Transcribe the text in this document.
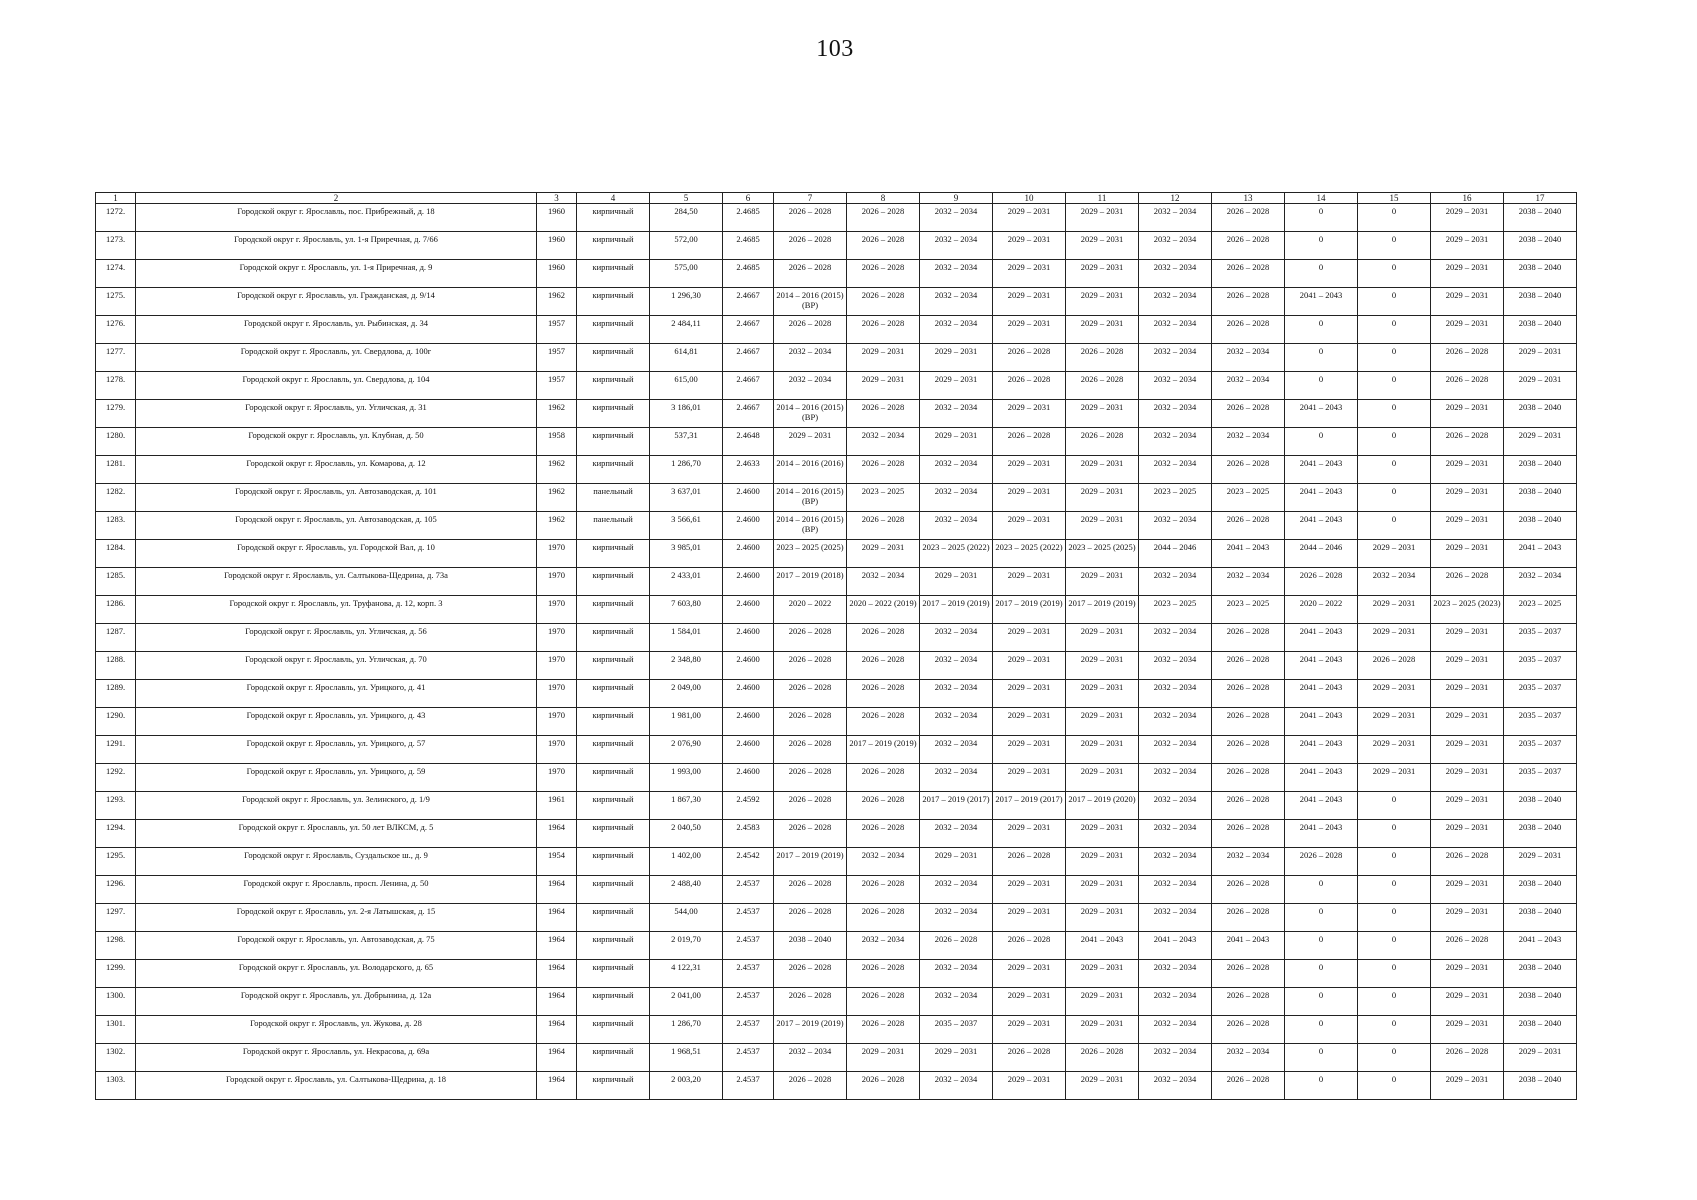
103
1	2	3	4	5	6	7	8	9	10	11	12	13	14	15	16	17
1272.	Городской округ г. Ярославль, пос. Прибрежный, д. 18	1960	кирпичный	284,50	2.4685	2026 – 2028	2026 – 2028	2032 – 2034	2029 – 2031	2029 – 2031	2032 – 2034	2026 – 2028	0	0	2029 – 2031	2038 – 2040
1273.	Городской округ г. Ярославль, ул. 1-я Приречная, д. 7/66	1960	кирпичный	572,00	2.4685	2026 – 2028	2026 – 2028	2032 – 2034	2029 – 2031	2029 – 2031	2032 – 2034	2026 – 2028	0	0	2029 – 2031	2038 – 2040
1274.	Городской округ г. Ярославль, ул. 1-я Приречная, д. 9	1960	кирпичный	575,00	2.4685	2026 – 2028	2026 – 2028	2032 – 2034	2029 – 2031	2029 – 2031	2032 – 2034	2026 – 2028	0	0	2029 – 2031	2038 – 2040
1275.	Городской округ г. Ярославль, ул. Гражданская, д. 9/14	1962	кирпичный	1 296,30	2.4667	2014 – 2016 (2015) (ВР)	2026 – 2028	2032 – 2034	2029 – 2031	2029 – 2031	2032 – 2034	2026 – 2028	2041 – 2043	0	2029 – 2031	2038 – 2040
1276.	Городской округ г. Ярославль, ул. Рыбинская, д. 34	1957	кирпичный	2 484,11	2.4667	2026 – 2028	2026 – 2028	2032 – 2034	2029 – 2031	2029 – 2031	2032 – 2034	2026 – 2028	0	0	2029 – 2031	2038 – 2040
1277.	Городской округ г. Ярославль, ул. Свердлова, д. 100г	1957	кирпичный	614,81	2.4667	2032 – 2034	2029 – 2031	2029 – 2031	2026 – 2028	2026 – 2028	2032 – 2034	2032 – 2034	0	0	2026 – 2028	2029 – 2031
1278.	Городской округ г. Ярославль, ул. Свердлова, д. 104	1957	кирпичный	615,00	2.4667	2032 – 2034	2029 – 2031	2029 – 2031	2026 – 2028	2026 – 2028	2032 – 2034	2032 – 2034	0	0	2026 – 2028	2029 – 2031
1279.	Городской округ г. Ярославль, ул. Угличская, д. 31	1962	кирпичный	3 186,01	2.4667	2014 – 2016 (2015) (ВР)	2026 – 2028	2032 – 2034	2029 – 2031	2029 – 2031	2032 – 2034	2026 – 2028	2041 – 2043	0	2029 – 2031	2038 – 2040
1280.	Городской округ г. Ярославль, ул. Клубная, д. 50	1958	кирпичный	537,31	2.4648	2029 – 2031	2032 – 2034	2029 – 2031	2026 – 2028	2026 – 2028	2032 – 2034	2032 – 2034	0	0	2026 – 2028	2029 – 2031
1281.	Городской округ г. Ярославль, ул. Комарова, д. 12	1962	кирпичный	1 286,70	2.4633	2014 – 2016 (2016)	2026 – 2028	2032 – 2034	2029 – 2031	2029 – 2031	2032 – 2034	2026 – 2028	2041 – 2043	0	2029 – 2031	2038 – 2040
1282.	Городской округ г. Ярославль, ул. Автозаводская, д. 101	1962	панельный	3 637,01	2.4600	2014 – 2016 (2015) (ВР)	2023 – 2025	2032 – 2034	2029 – 2031	2029 – 2031	2023 – 2025	2023 – 2025	2041 – 2043	0	2029 – 2031	2038 – 2040
1283.	Городской округ г. Ярославль, ул. Автозаводская, д. 105	1962	панельный	3 566,61	2.4600	2014 – 2016 (2015) (ВР)	2026 – 2028	2032 – 2034	2029 – 2031	2029 – 2031	2032 – 2034	2026 – 2028	2041 – 2043	0	2029 – 2031	2038 – 2040
1284.	Городской округ г. Ярославль, ул. Городской Вал, д. 10	1970	кирпичный	3 985,01	2.4600	2023 – 2025 (2025)	2029 – 2031	2023 – 2025 (2022)	2023 – 2025 (2022)	2023 – 2025 (2025)	2044 – 2046	2041 – 2043	2044 – 2046	2029 – 2031	2029 – 2031	2041 – 2043
1285.	Городской округ г. Ярославль, ул. Салтыкова-Щедрина, д. 73а	1970	кирпичный	2 433,01	2.4600	2017 – 2019 (2018)	2032 – 2034	2029 – 2031	2029 – 2031	2029 – 2031	2032 – 2034	2032 – 2034	2026 – 2028	2032 – 2034	2026 – 2028	2032 – 2034
1286.	Городской округ г. Ярославль, ул. Труфанова, д. 12, корп. 3	1970	кирпичный	7 603,80	2.4600	2020 – 2022	2020 – 2022 (2019)	2017 – 2019 (2019)	2017 – 2019 (2019)	2017 – 2019 (2019)	2023 – 2025	2023 – 2025	2020 – 2022	2029 – 2031	2023 – 2025 (2023)	2023 – 2025
1287.	Городской округ г. Ярославль, ул. Угличская, д. 56	1970	кирпичный	1 584,01	2.4600	2026 – 2028	2026 – 2028	2032 – 2034	2029 – 2031	2029 – 2031	2032 – 2034	2026 – 2028	2041 – 2043	2029 – 2031	2029 – 2031	2035 – 2037
1288.	Городской округ г. Ярославль, ул. Угличская, д. 70	1970	кирпичный	2 348,80	2.4600	2026 – 2028	2026 – 2028	2032 – 2034	2029 – 2031	2029 – 2031	2032 – 2034	2026 – 2028	2041 – 2043	2026 – 2028	2029 – 2031	2035 – 2037
1289.	Городской округ г. Ярославль, ул. Урицкого, д. 41	1970	кирпичный	2 049,00	2.4600	2026 – 2028	2026 – 2028	2032 – 2034	2029 – 2031	2029 – 2031	2032 – 2034	2026 – 2028	2041 – 2043	2029 – 2031	2029 – 2031	2035 – 2037
1290.	Городской округ г. Ярославль, ул. Урицкого, д. 43	1970	кирпичный	1 981,00	2.4600	2026 – 2028	2026 – 2028	2032 – 2034	2029 – 2031	2029 – 2031	2032 – 2034	2026 – 2028	2041 – 2043	2029 – 2031	2029 – 2031	2035 – 2037
1291.	Городской округ г. Ярославль, ул. Урицкого, д. 57	1970	кирпичный	2 076,90	2.4600	2026 – 2028	2017 – 2019 (2019)	2032 – 2034	2029 – 2031	2029 – 2031	2032 – 2034	2026 – 2028	2041 – 2043	2029 – 2031	2029 – 2031	2035 – 2037
1292.	Городской округ г. Ярославль, ул. Урицкого, д. 59	1970	кирпичный	1 993,00	2.4600	2026 – 2028	2026 – 2028	2032 – 2034	2029 – 2031	2029 – 2031	2032 – 2034	2026 – 2028	2041 – 2043	2029 – 2031	2029 – 2031	2035 – 2037
1293.	Городской округ г. Ярославль, ул. Зелинского, д. 1/9	1961	кирпичный	1 867,30	2.4592	2026 – 2028	2026 – 2028	2017 – 2019 (2017)	2017 – 2019 (2017)	2017 – 2019 (2020)	2032 – 2034	2026 – 2028	2041 – 2043	0	2029 – 2031	2038 – 2040
1294.	Городской округ г. Ярославль, ул. 50 лет ВЛКСМ, д. 5	1964	кирпичный	2 040,50	2.4583	2026 – 2028	2026 – 2028	2032 – 2034	2029 – 2031	2029 – 2031	2032 – 2034	2026 – 2028	2041 – 2043	0	2029 – 2031	2038 – 2040
1295.	Городской округ г. Ярославль, Суздальское ш., д. 9	1954	кирпичный	1 402,00	2.4542	2017 – 2019 (2019)	2032 – 2034	2029 – 2031	2026 – 2028	2029 – 2031	2032 – 2034	2032 – 2034	2026 – 2028	0	2026 – 2028	2029 – 2031
1296.	Городской округ г. Ярославль, просп. Ленина, д. 50	1964	кирпичный	2 488,40	2.4537	2026 – 2028	2026 – 2028	2032 – 2034	2029 – 2031	2029 – 2031	2032 – 2034	2026 – 2028	0	0	2029 – 2031	2038 – 2040
1297.	Городской округ г. Ярославль, ул. 2-я Латышская, д. 15	1964	кирпичный	544,00	2.4537	2026 – 2028	2026 – 2028	2032 – 2034	2029 – 2031	2029 – 2031	2032 – 2034	2026 – 2028	0	0	2029 – 2031	2038 – 2040
1298.	Городской округ г. Ярославль, ул. Автозаводская, д. 75	1964	кирпичный	2 019,70	2.4537	2038 – 2040	2032 – 2034	2026 – 2028	2026 – 2028	2041 – 2043	2041 – 2043	2041 – 2043	0	0	2026 – 2028	2041 – 2043
1299.	Городской округ г. Ярославль, ул. Володарского, д. 65	1964	кирпичный	4 122,31	2.4537	2026 – 2028	2026 – 2028	2032 – 2034	2029 – 2031	2029 – 2031	2032 – 2034	2026 – 2028	0	0	2029 – 2031	2038 – 2040
1300.	Городской округ г. Ярославль, ул. Добрынина, д. 12а	1964	кирпичный	2 041,00	2.4537	2026 – 2028	2026 – 2028	2032 – 2034	2029 – 2031	2029 – 2031	2032 – 2034	2026 – 2028	0	0	2029 – 2031	2038 – 2040
1301.	Городской округ г. Ярославль, ул. Жукова, д. 28	1964	кирпичный	1 286,70	2.4537	2017 – 2019 (2019)	2026 – 2028	2035 – 2037	2029 – 2031	2029 – 2031	2032 – 2034	2026 – 2028	0	0	2029 – 2031	2038 – 2040
1302.	Городской округ г. Ярославль, ул. Некрасова, д. 69а	1964	кирпичный	1 968,51	2.4537	2032 – 2034	2029 – 2031	2029 – 2031	2026 – 2028	2026 – 2028	2032 – 2034	2032 – 2034	0	0	2026 – 2028	2029 – 2031
1303.	Городской округ г. Ярославль, ул. Салтыкова-Щедрина, д. 18	1964	кирпичный	2 003,20	2.4537	2026 – 2028	2026 – 2028	2032 – 2034	2029 – 2031	2029 – 2031	2032 – 2034	2026 – 2028	0	0	2029 – 2031	2038 – 2040
